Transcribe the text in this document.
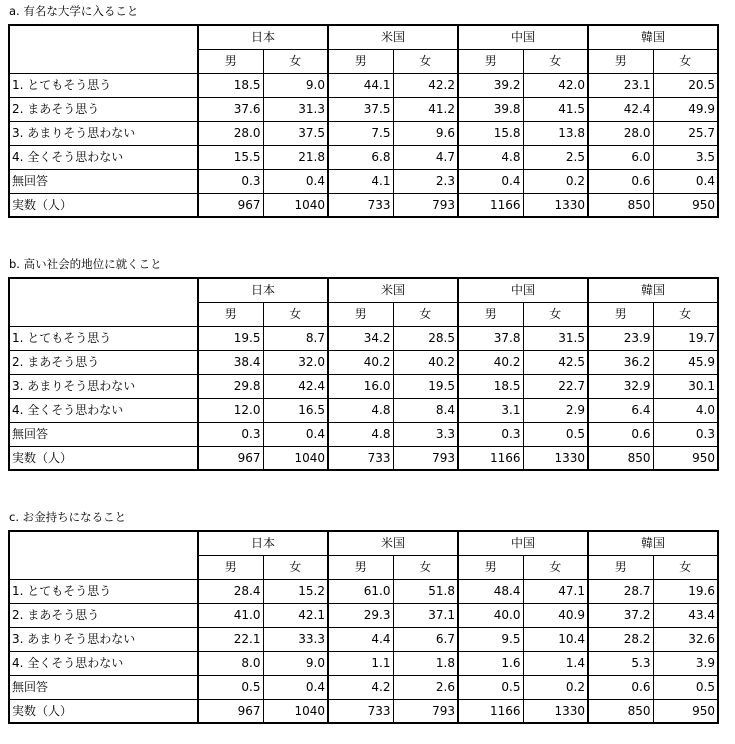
a. 有名な大学に入ること
	日本		米国		中国		韓国	
	男	女	男	女	男	女	男	女
1. とてもそう思う	18.5	9.0	44.1	42.2	39.2	42.0	23.1	20.5
2. まあそう思う	37.6	31.3	37.5	41.2	39.8	41.5	42.4	49.9
3. あまりそう思わない	28.0	37.5	7.5	9.6	15.8	13.8	28.0	25.7
4. 全くそう思わない	15.5	21.8	6.8	4.7	4.8	2.5	6.0	3.5
無回答	0.3	0.4	4.1	2.3	0.4	0.2	0.6	0.4
実数（人）	967	1040	733	793	1166	1330	850	950
b. 高い社会的地位に就くこと
	日本		米国		中国		韓国	
	男	女	男	女	男	女	男	女
1. とてもそう思う	19.5	8.7	34.2	28.5	37.8	31.5	23.9	19.7
2. まあそう思う	38.4	32.0	40.2	40.2	40.2	42.5	36.2	45.9
3. あまりそう思わない	29.8	42.4	16.0	19.5	18.5	22.7	32.9	30.1
4. 全くそう思わない	12.0	16.5	4.8	8.4	3.1	2.9	6.4	4.0
無回答	0.3	0.4	4.8	3.3	0.3	0.5	0.6	0.3
実数（人）	967	1040	733	793	1166	1330	850	950
c. お金持ちになること
	日本		米国		中国		韓国	
	男	女	男	女	男	女	男	女
1. とてもそう思う	28.4	15.2	61.0	51.8	48.4	47.1	28.7	19.6
2. まあそう思う	41.0	42.1	29.3	37.1	40.0	40.9	37.2	43.4
3. あまりそう思わない	22.1	33.3	4.4	6.7	9.5	10.4	28.2	32.6
4. 全くそう思わない	8.0	9.0	1.1	1.8	1.6	1.4	5.3	3.9
無回答	0.5	0.4	4.2	2.6	0.5	0.2	0.6	0.5
実数（人）	967	1040	733	793	1166	1330	850	950
